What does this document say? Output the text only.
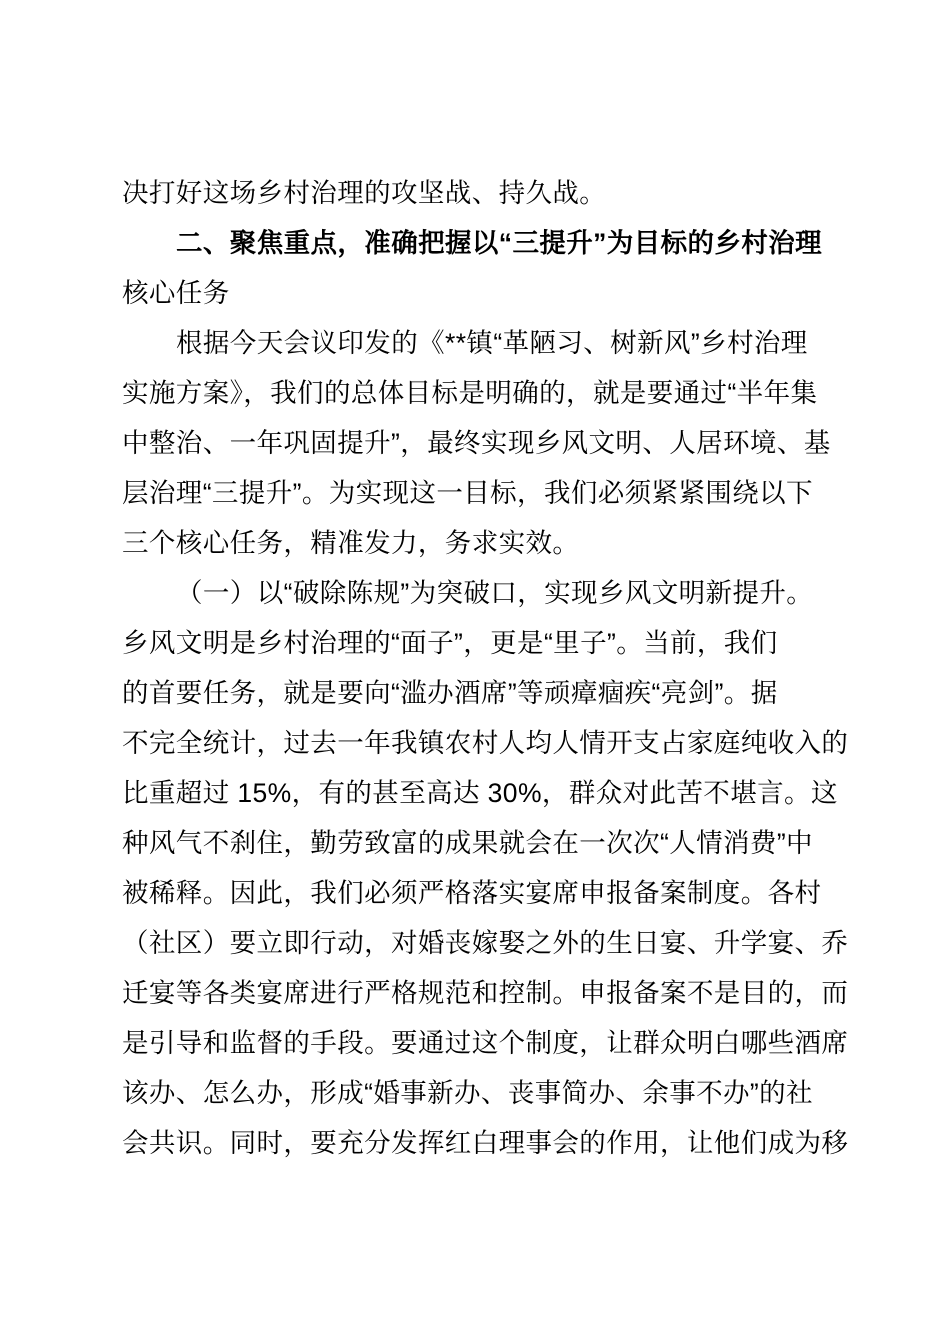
决打好这场乡村治理的攻坚战、持久战。
二、聚焦重点，准确把握以“三提升”为目标的乡村治理
核心任务
根据今天会议印发的《**镇“革陋习、树新风”乡村治理
实施方案》，我们的总体目标是明确的，就是要通过“半年集
中整治、一年巩固提升”，最终实现乡风文明、人居环境、基
层治理“三提升”。为实现这一目标，我们必须紧紧围绕以下
三个核心任务，精准发力，务求实效。
（一）以“破除陈规”为突破口，实现乡风文明新提升。
乡风文明是乡村治理的“面子”，更是“里子”。当前，我们
的首要任务，就是要向“滥办酒席”等顽瘴痼疾“亮剑”。据
不完全统计，过去一年我镇农村人均人情开支占家庭纯收入的
比重超过 15%，有的甚至高达 30%，群众对此苦不堪言。这
种风气不刹住，勤劳致富的成果就会在一次次“人情消费”中
被稀释。因此，我们必须严格落实宴席申报备案制度。各村
（社区）要立即行动，对婚丧嫁娶之外的生日宴、升学宴、乔
迁宴等各类宴席进行严格规范和控制。申报备案不是目的，而
是引导和监督的手段。要通过这个制度，让群众明白哪些酒席
该办、怎么办，形成“婚事新办、丧事简办、余事不办”的社
会共识。同时，要充分发挥红白理事会的作用，让他们成为移
